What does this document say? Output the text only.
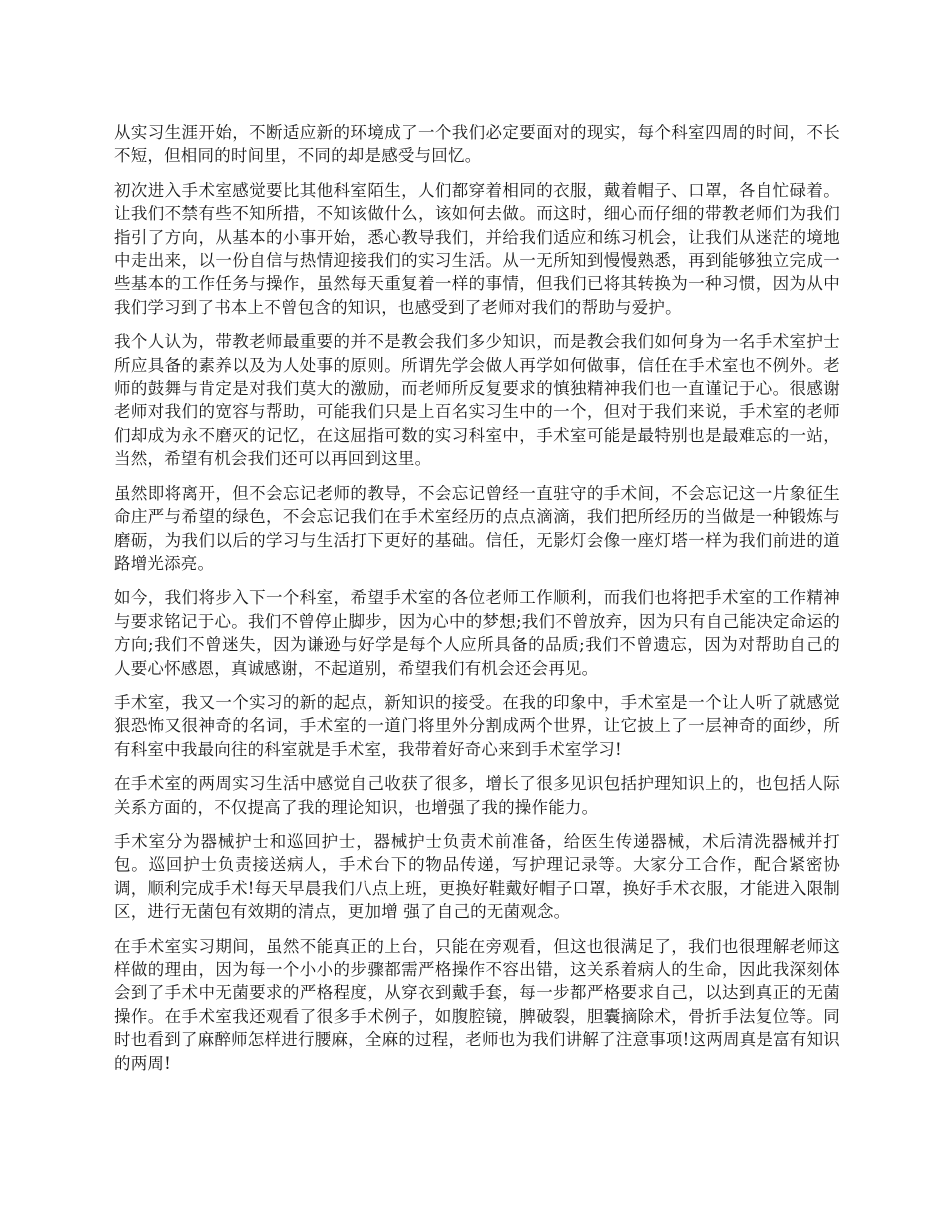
从实习生涯开始，不断适应新的环境成了一个我们必定要面对的现实，每个科室四周的时间，不长不短，但相同的时间里，不同的却是感受与回忆。

初次进入手术室感觉要比其他科室陌生，人们都穿着相同的衣服，戴着帽子、口罩，各自忙碌着。让我们不禁有些不知所措，不知该做什么，该如何去做。而这时，细心而仔细的带教老师们为我们指引了方向，从基本的小事开始，悉心教导我们，并给我们适应和练习机会，让我们从迷茫的境地中走出来，以一份自信与热情迎接我们的实习生活。从一无所知到慢慢熟悉，再到能够独立完成一些基本的工作任务与操作，虽然每天重复着一样的事情，但我们已将其转换为一种习惯，因为从中我们学习到了书本上不曾包含的知识，也感受到了老师对我们的帮助与爱护。

我个人认为，带教老师最重要的并不是教会我们多少知识，而是教会我们如何身为一名手术室护士所应具备的素养以及为人处事的原则。所谓先学会做人再学如何做事，信任在手术室也不例外。老师的鼓舞与肯定是对我们莫大的激励，而老师所反复要求的慎独精神我们也一直谨记于心。很感谢老师对我们的宽容与帮助，可能我们只是上百名实习生中的一个，但对于我们来说，手术室的老师们却成为永不磨灭的记忆，在这屈指可数的实习科室中，手术室可能是最特别也是最难忘的一站，当然，希望有机会我们还可以再回到这里。

虽然即将离开，但不会忘记老师的教导，不会忘记曾经一直驻守的手术间，不会忘记这一片象征生命庄严与希望的绿色，不会忘记我们在手术室经历的点点滴滴，我们把所经历的当做是一种锻炼与磨砺，为我们以后的学习与生活打下更好的基础。信任，无影灯会像一座灯塔一样为我们前进的道路增光添亮。

如今，我们将步入下一个科室，希望手术室的各位老师工作顺利，而我们也将把手术室的工作精神与要求铭记于心。我们不曾停止脚步，因为心中的梦想;我们不曾放弃，因为只有自己能决定命运的方向;我们不曾迷失，因为谦逊与好学是每个人应所具备的品质;我们不曾遗忘，因为对帮助自己的人要心怀感恩，真诚感谢，不起道别，希望我们有机会还会再见。

手术室，我又一个实习的新的起点，新知识的接受。在我的印象中，手术室是一个让人听了就感觉狠恐怖又很神奇的名词，手术室的一道门将里外分割成两个世界，让它披上了一层神奇的面纱，所有科室中我最向往的科室就是手术室，我带着好奇心来到手术室学习!

在手术室的两周实习生活中感觉自己收获了很多，增长了很多见识包括护理知识上的，也包括人际关系方面的，不仅提高了我的理论知识，也增强了我的操作能力。

手术室分为器械护士和巡回护士，器械护士负责术前准备，给医生传递器械，术后清洗器械并打包。巡回护士负责接送病人，手术台下的物品传递，写护理记录等。大家分工合作，配合紧密协调，顺利完成手术!每天早晨我们八点上班，更换好鞋戴好帽子口罩，换好手术衣服，才能进入限制区，进行无菌包有效期的清点，更加增 强了自己的无菌观念。

在手术室实习期间，虽然不能真正的上台，只能在旁观看，但这也很满足了，我们也很理解老师这样做的理由，因为每一个小小的步骤都需严格操作不容出错，这关系着病人的生命，因此我深刻体会到了手术中无菌要求的严格程度，从穿衣到戴手套，每一步都严格要求自己，以达到真正的无菌操作。在手术室我还观看了很多手术例子，如腹腔镜，脾破裂，胆囊摘除术，骨折手法复位等。同时也看到了麻醉师怎样进行腰麻，全麻的过程，老师也为我们讲解了注意事项!这两周真是富有知识的两周!
